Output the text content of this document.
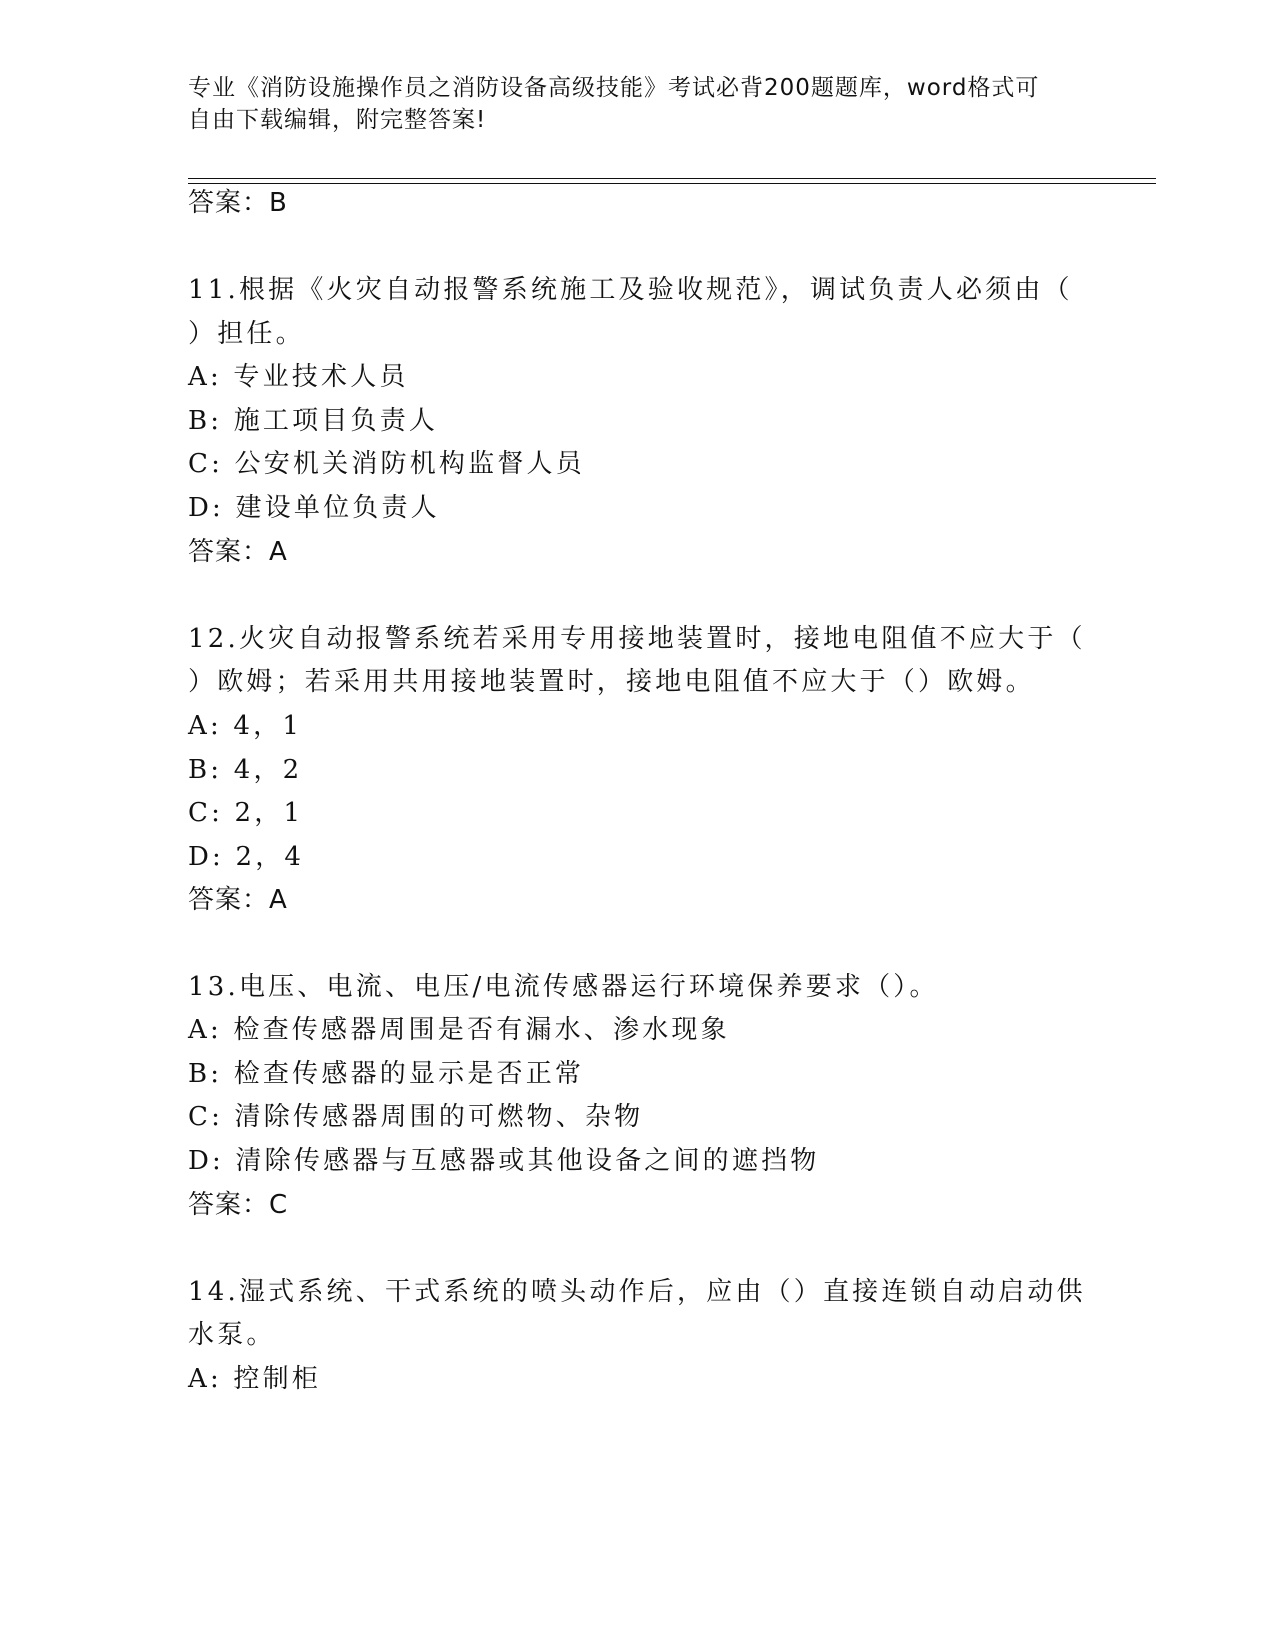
专业《消防设施操作员之消防设备高级技能》考试必背200题题库，word格式可
自由下载编辑，附完整答案!
答案：B
11.根据《火灾自动报警系统施工及验收规范》，调试负责人必须由（
）担任。
A: 专业技术人员
B: 施工项目负责人
C: 公安机关消防机构监督人员
D: 建设单位负责人
答案：A
12.火灾自动报警系统若采用专用接地装置时，接地电阻值不应大于（
）欧姆；若采用共用接地装置时，接地电阻值不应大于（）欧姆。
A: 4，1
B: 4，2
C: 2，1
D: 2，4
答案：A
13.电压、电流、电压/电流传感器运行环境保养要求（）。
A: 检查传感器周围是否有漏水、渗水现象
B: 检查传感器的显示是否正常
C: 清除传感器周围的可燃物、杂物
D: 清除传感器与互感器或其他设备之间的遮挡物
答案：C
14.湿式系统、干式系统的喷头动作后，应由（）直接连锁自动启动供
水泵。
A: 控制柜
